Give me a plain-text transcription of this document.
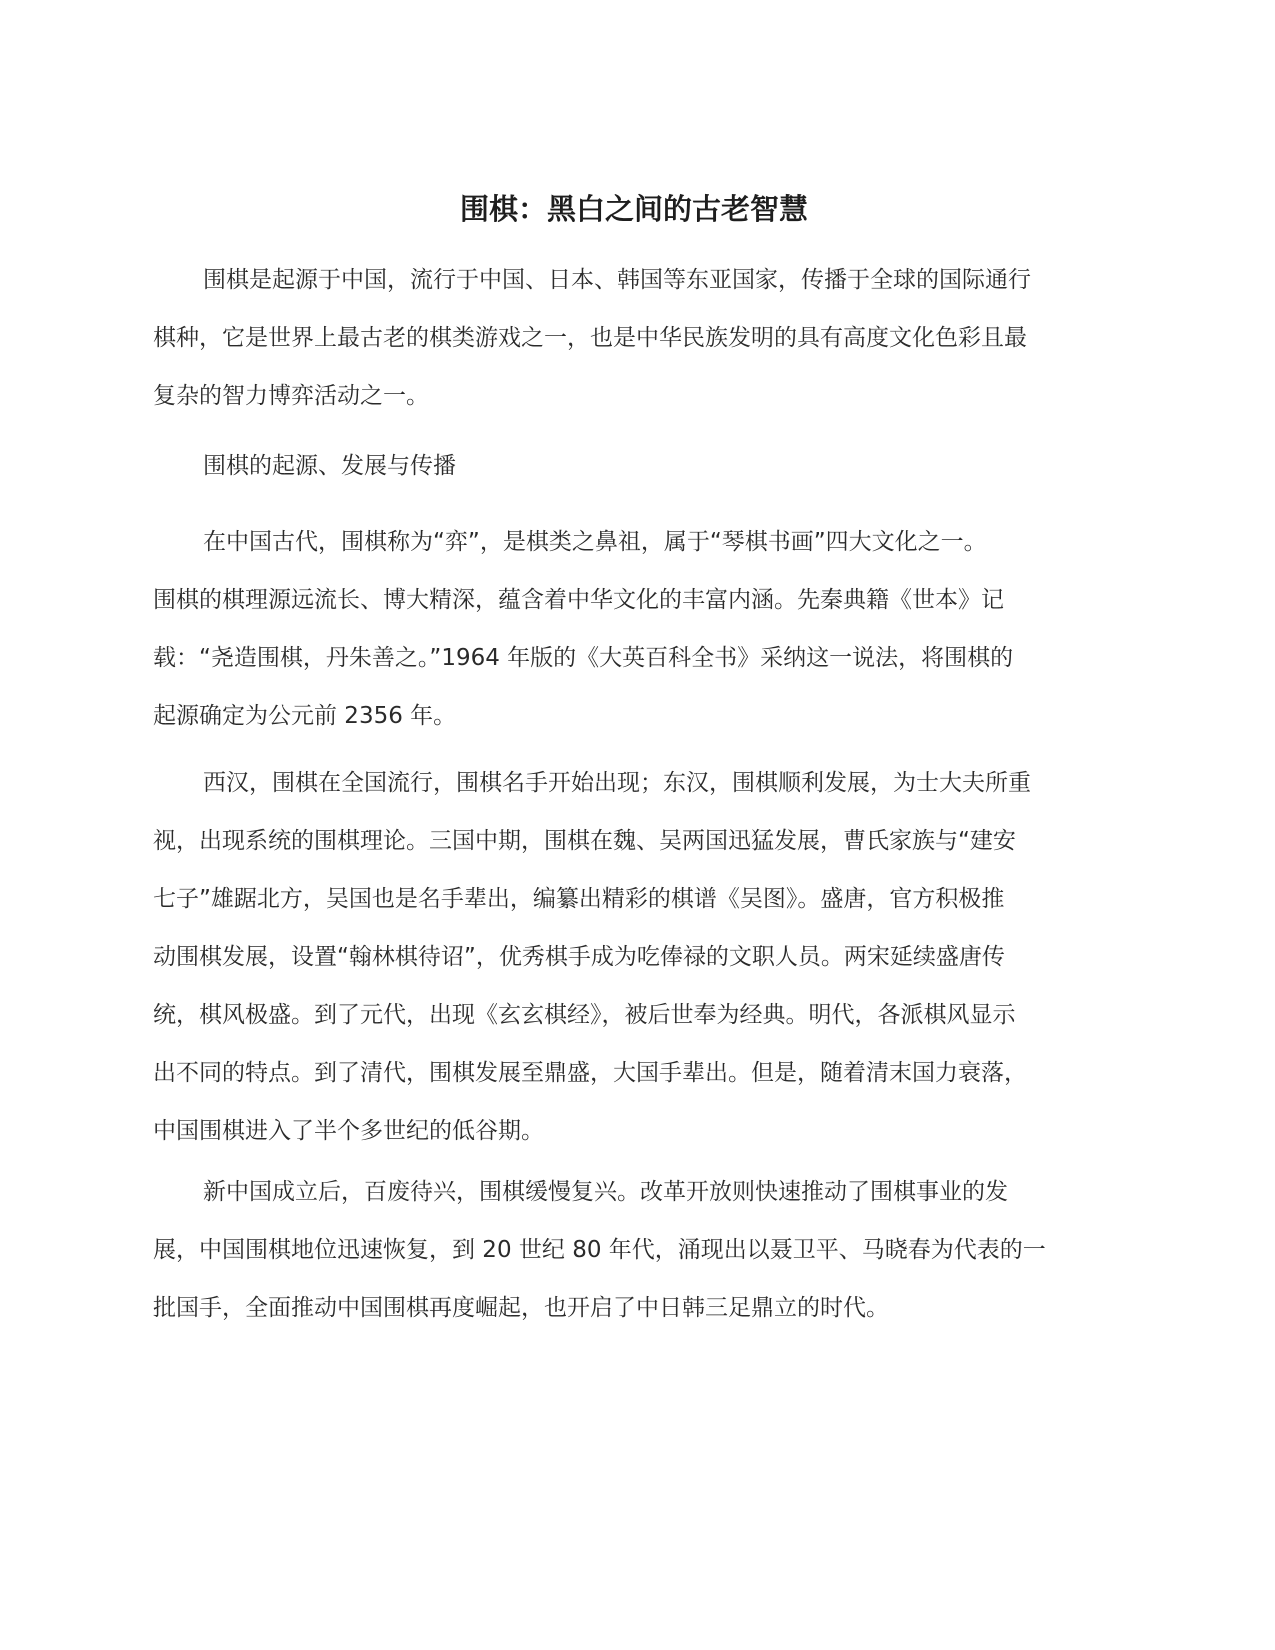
围棋：黑白之间的古老智慧

围棋是起源于中国，流行于中国、日本、韩国等东亚国家，传播于全球的国际通行
棋种，它是世界上最古老的棋类游戏之一，也是中华民族发明的具有高度文化色彩且最
复杂的智力博弈活动之一。

围棋的起源、发展与传播

在中国古代，围棋称为“弈”，是棋类之鼻祖，属于“琴棋书画”四大文化之一。
围棋的棋理源远流长、博大精深，蕴含着中华文化的丰富内涵。先秦典籍《世本》记
载：“尧造围棋，丹朱善之。”1964 年版的《大英百科全书》采纳这一说法，将围棋的
起源确定为公元前 2356 年。

西汉，围棋在全国流行，围棋名手开始出现；东汉，围棋顺利发展，为士大夫所重
视，出现系统的围棋理论。三国中期，围棋在魏、吴两国迅猛发展，曹氏家族与“建安
七子”雄踞北方，吴国也是名手辈出，编纂出精彩的棋谱《吴图》。盛唐，官方积极推
动围棋发展，设置“翰林棋待诏”，优秀棋手成为吃俸禄的文职人员。两宋延续盛唐传
统，棋风极盛。到了元代，出现《玄玄棋经》，被后世奉为经典。明代，各派棋风显示
出不同的特点。到了清代，围棋发展至鼎盛，大国手辈出。但是，随着清末国力衰落，
中国围棋进入了半个多世纪的低谷期。

新中国成立后，百废待兴，围棋缓慢复兴。改革开放则快速推动了围棋事业的发
展，中国围棋地位迅速恢复，到 20 世纪 80 年代，涌现出以聂卫平、马晓春为代表的一
批国手，全面推动中国围棋再度崛起，也开启了中日韩三足鼎立的时代。
